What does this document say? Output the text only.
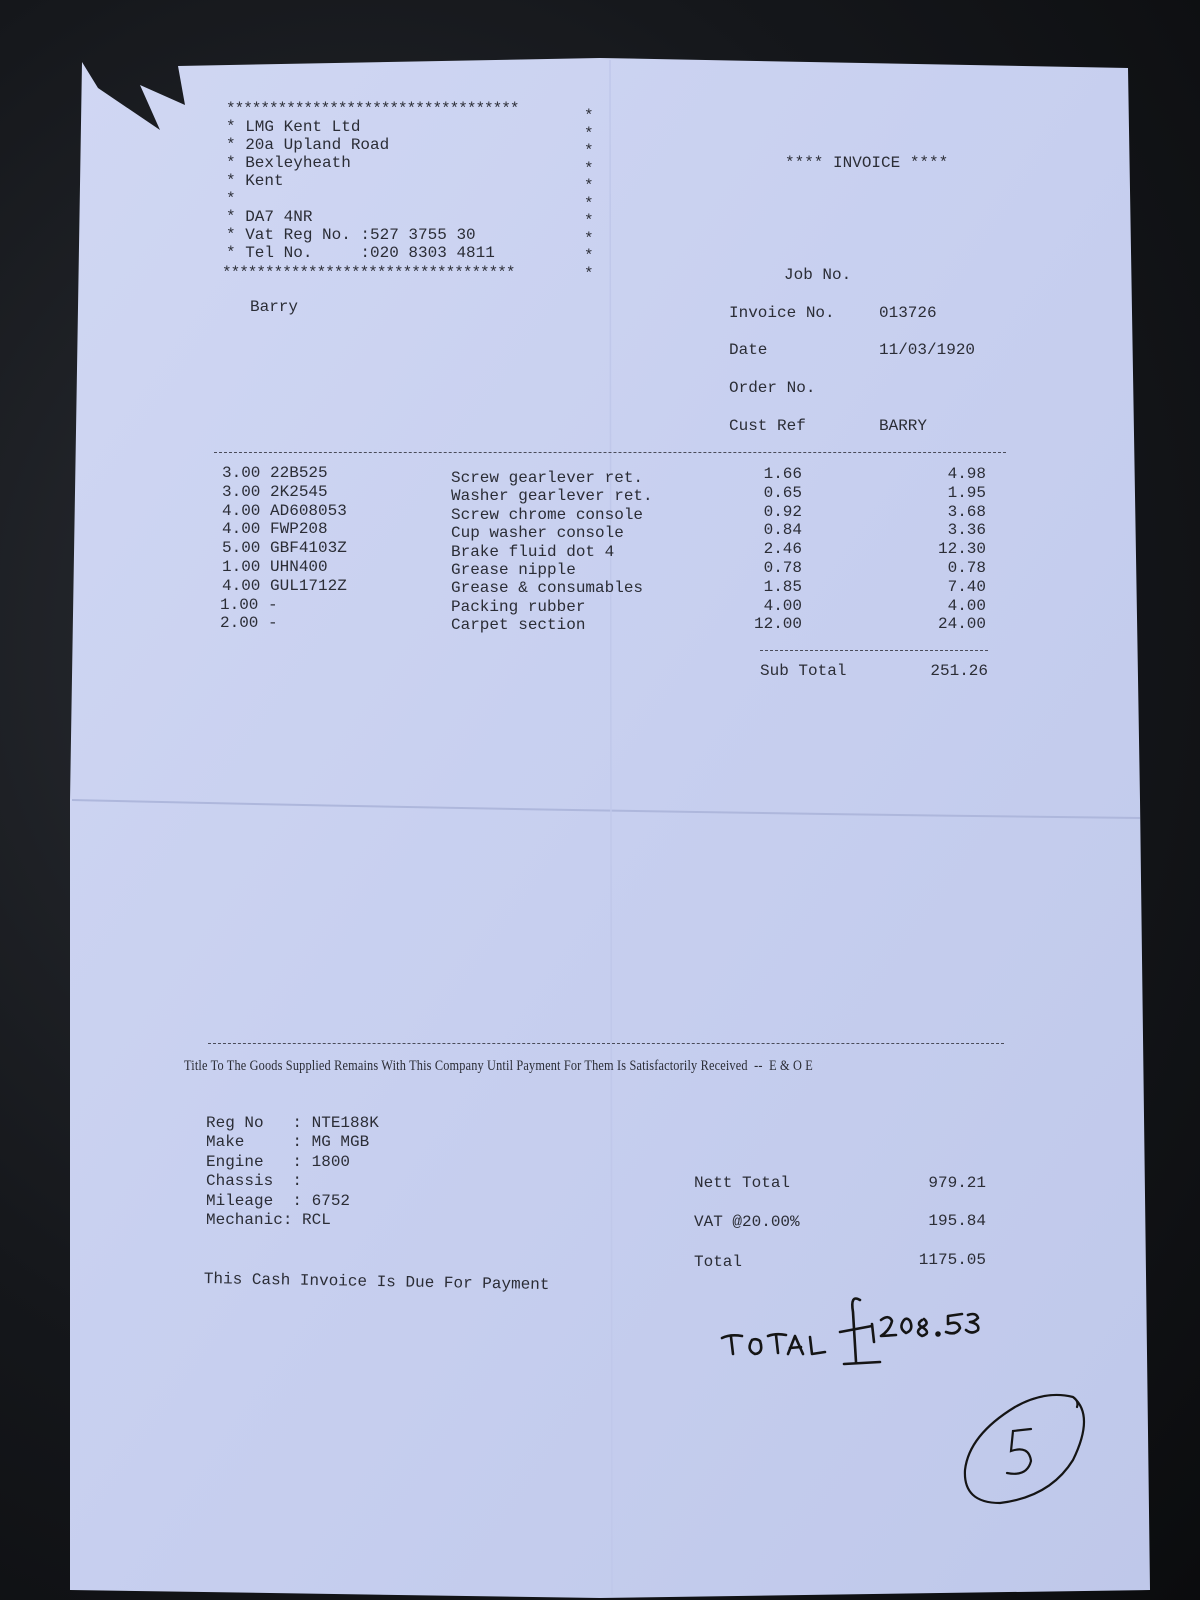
**********************************
* LMG Kent Ltd
* 20a Upland Road
* Bexleyheath
* Kent
*
* DA7 4NR
* Vat Reg No. :527 3755 30
* Tel No.     :020 8303 4811
**********************************
*
*
*
*
*
*
*
*
*
*
**** INVOICE ****
Barry
Job No.
Invoice No.	013726
Date	11/03/1920
Order No.
Cust Ref	BARRY
3.00 22B525	Screw gearlever ret.	1.66	4.98
3.00 2K2545	Washer gearlever ret.	0.65	1.95
4.00 AD608053	Screw chrome console	0.92	3.68
4.00 FWP208	Cup washer console	0.84	3.36
5.00 GBF4103Z	Brake fluid dot 4	2.46	12.30
1.00 UHN400	Grease nipple	0.78	0.78
4.00 GUL1712Z	Grease & consumables	1.85	7.40
1.00 -	Packing rubber	4.00	4.00
2.00 -	Carpet section	12.00	24.00
Sub Total	251.26
Title To The Goods Supplied Remains With This Company Until Payment For Them Is Satisfactorily Received  --  E & O E
Reg No   : NTE188K
Make     : MG MGB
Engine   : 1800
Chassis  :
Mileage  : 6752
Mechanic: RCL
Nett Total	979.21
VAT @20.00%	195.84
Total	1175.05
This Cash Invoice Is Due For Payment
